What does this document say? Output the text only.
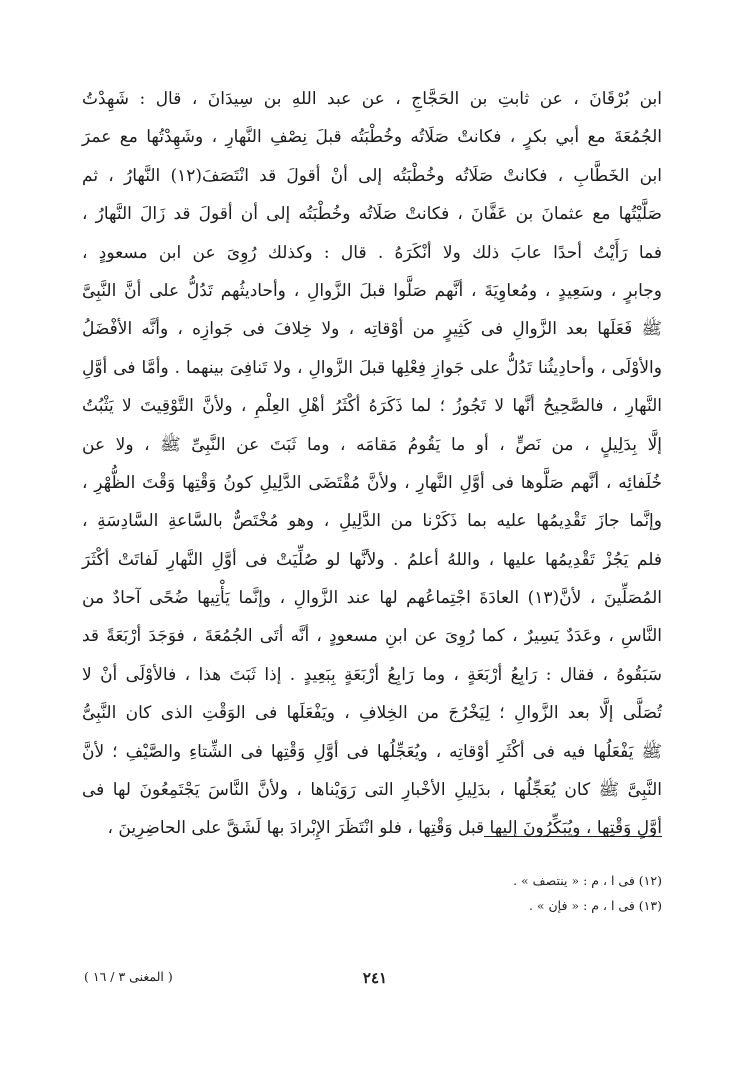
ابن بُرْقَانَ ، عن ثابتِ بن الحَجَّاجِ ، عن عبد اللهِ بن سِيدَانَ ، قال : شَهِدْتُ
الجُمُعَةَ مع أبي بكرٍ ، فكانتْ صَلَاتُه وخُطْبَتُه قبلَ نِصْفِ النَّهارِ ، وشَهِدْتُها مع عمرَ
ابن الخَطَّابِ ، فكانتْ صَلَاتُه وخُطْبَتُه إلى أنْ أقولَ قد انْتَصَفَ(١٢) النَّهارُ ، ثم
صَلَّيْتُها مع عثمانَ بن عَفَّانَ ، فكانتْ صَلَاتُه وخُطْبَتُه إلى أن أقولَ قد زَالَ النَّهارُ ،
فما رَأَيْتُ أحدًا عابَ ذلك ولا أنْكَرَهُ . قال : وكذلك رُوِىَ عن ابن مسعودٍ ،
وجابرٍ ، وسَعِيدٍ ، ومُعاوِيَةَ ، أنَّهم صَلَّوا قبلَ الزَّوالِ ، وأحاديثُهم تَدُلُّ على أنَّ النَّبِىَّ
ﷺ فَعَلَها بعد الزَّوالِ فى كَثِيرٍ من أوْقاتِه ، ولا خِلافَ فى جَوازِه ، وأنَّه الأفْضَلُ
والأوْلَى ، وأحادِيثُنا تَدُلُّ على جَوازِ فِعْلِها قبلَ الزَّوالِ ، ولا تَنافِىَ بينهما . وأمَّا فى أوَّلِ
النَّهارِ ، فالصَّحِيحُ أنَّها لا تَجُوزُ ؛ لما ذَكَرَهُ أكْثَرُ أهْلِ العِلْمِ ، ولأنَّ التَّوْقِيتَ لا يَثْبُتُ
إلَّا بِدَلِيلٍ ، من نَصٍّ ، أو ما يَقُومُ مَقامَه ، وما ثَبَتَ عن النَّبِىِّ ﷺ ، ولا عن
خُلَفائِه ، أنَّهم صَلَّوها فى أوَّلِ النَّهارِ ، ولأنَّ مُقْتَضَى الدَّلِيلِ كونُ وَقْتِها وَقْتَ الظُّهْرِ ،
وإنَّما جازَ تَقْدِيمُها عليه بما ذَكَرْنا من الدَّلِيلِ ، وهو مُخْتَصٌّ بالسَّاعةِ السَّادِسَةِ ،
فلم يَجُزْ تَقْدِيمُها عليها ، واللهُ أعلمُ . ولأنَّها لو صُلِّيَتْ فى أوَّلِ النَّهارِ لَفاتَتْ أكْثَرَ
المُصَلِّينَ ، لأنَّ(١٣) العادَةَ اجْتِماعُهم لها عند الزَّوالِ ، وإنَّما يَأْتِيها ضُحًى آحادٌ من
النَّاسِ ، وعَدَدٌ يَسِيرٌ ، كما رُوِىَ عن ابنِ مسعودٍ ، أنَّه أتَى الجُمُعَةَ ، فوَجَدَ أرْبَعَةً قد
سَبَقُوهُ ، فقال : رَابِعُ أرْبَعَةٍ ، وما رَابِعُ أرْبَعَةٍ بِبَعِيدٍ . إذا ثَبَتَ هذا ، فالأوْلَى أنْ لا
تُصَلَّى إلَّا بعد الزَّوالِ ؛ لِيَخْرُجَ من الخِلافِ ، ويَفْعَلَها فى الوَقْتِ الذى كان النَّبِىُّ
ﷺ يَفْعَلُها فيه فى أكْثَرِ أوْقاتِه ، ويُعَجِّلُها فى أوَّلِ وَقْتِها فى الشِّتاءِ والصَّيْفِ ؛ لأنَّ
النَّبِىَّ ﷺ كان يُعَجِّلُها ، بدَلِيلِ الأخْبارِ التى رَوَيْناها ، ولأنَّ النَّاسَ يَجْتَمِعُونَ لها فى
أوَّلِ وَقْتِها ، ويُبَكِّرُونَ إليها قبل وَقْتِها ، فلو انْتَظَرَ الإِبْرادَ بها لَشَقَّ على الحاضِرِينَ ،
(١٢) فى ا ، م : « ينتصف » .
(١٣) فى ا ، م : « فإن » .
٢٤١
( المغنى ٣ / ١٦ )
